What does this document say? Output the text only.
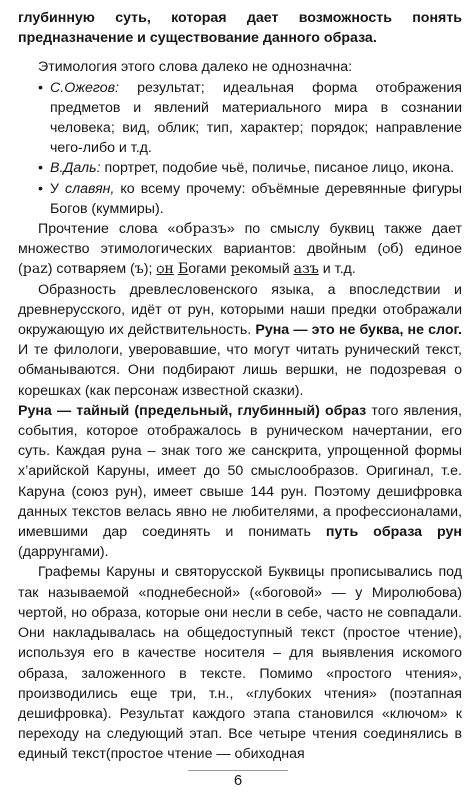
глубинную суть, которая дает возможность понять предназначение и существование данного образа.

Этимология этого слова далеко не однозначна:

• С.Ожегов: результат; идеальная форма отображения предметов и явлений материального мира в сознании человека; вид, облик; тип, характер; порядок; направление чего-либо и т.д.
• В.Даль: портрет, подобие чьё, поличье, писаное лицо, икона.
• У славян, ко всему прочему: объёмные деревянные фигуры Богов (куммиры).

Прочтение слова «образъ» по смыслу буквиц также дает множество этимологических вариантов: двойным (ѻб) единое (раz) сотваряем (ъ); ѻн Богами рекомый азъ и т.д.

Образность древлесловенского языка, а впоследствии и древнерусского, идёт от рун, которыми наши предки отображали окружающую их действительность. Руна — это не буква, не слог. И те филологи, уверовавшие, что могут читать рунический текст, обманываются. Они подбирают лишь вершки, не подозревая о корешках (как персонаж известной сказки).

Руна — тайный (предельный, глубинный) образ того явления, события, которое отображалось в руническом начертании, его суть. Каждая руна – знак того же санскрита, упрощенной формы х’арийской Каруны, имеет до 50 смыслообразов. Оригинал, т.е. Каруна (союз рун), имеет свыше 144 рун. Поэтому дешифровка данных текстов велась явно не любителями, а профессионалами, имевшими дар соединять и понимать путь образа рун (даррунгами).

Графемы Каруны и святорусской Буквицы прописывались под так называемой «поднебесной» («боговой» — у Миролюбова) чертой, но образа, которые они несли в себе, часто не совпадали. Они накладывалась на общедоступный текст (простое чтение), используя его в качестве носителя – для выявления искомого образа, заложенного в тексте. Помимо «простого чтения», производились еще три, т.н., «глубоких чтения» (поэтапная дешифровка). Результат каждого этапа становился «ключом» к переходу на следующий этап. Все четыре чтения соединялись в единый текст(простое чтение — обиходная

6
